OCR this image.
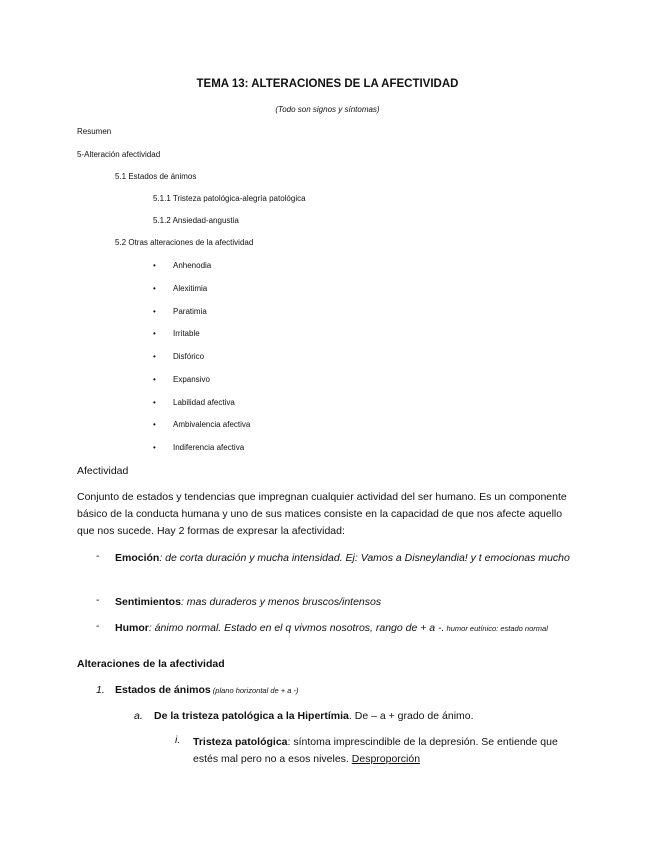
TEMA 13: ALTERACIONES DE LA AFECTIVIDAD
(Todo son signos y síntomas)
Resumen
5-Alteración afectividad
5.1 Estados de ánimos
5.1.1 Tristeza patológica-alegría patológica
5.1.2 Ansiedad-angustia
5.2 Otras alteraciones de la afectividad
• Anhenodia
• Alexitimia
• Paratimia
• Irritable
• Disfórico
• Expansivo
• Labilidad afectiva
• Ambivalencia afectiva
• Indiferencia afectiva
Afectividad
Conjunto de estados y tendencias que impregnan cualquier actividad del ser humano. Es un componente básico de la conducta humana y uno de sus matices consiste en la capacidad de que nos afecte aquello que nos sucede. Hay 2 formas de expresar la afectividad:
- Emoción: de corta duración y mucha intensidad. Ej: Vamos a Disneylandia! y t emocionas mucho
- Sentimientos: mas duraderos y menos bruscos/intensos
- Humor: ánimo normal. Estado en el q vivmos nosotros, rango de + a -. humor eutínico: estado normal
Alteraciones de la afectividad
1. Estados de ánimos (plano horizontal de + a -)
a. De la tristeza patológica a la Hipertímia. De – a + grado de ánimo.
i. Tristeza patológica: síntoma imprescindible de la depresión. Se entiende que estés mal pero no a esos niveles. Desproporción
